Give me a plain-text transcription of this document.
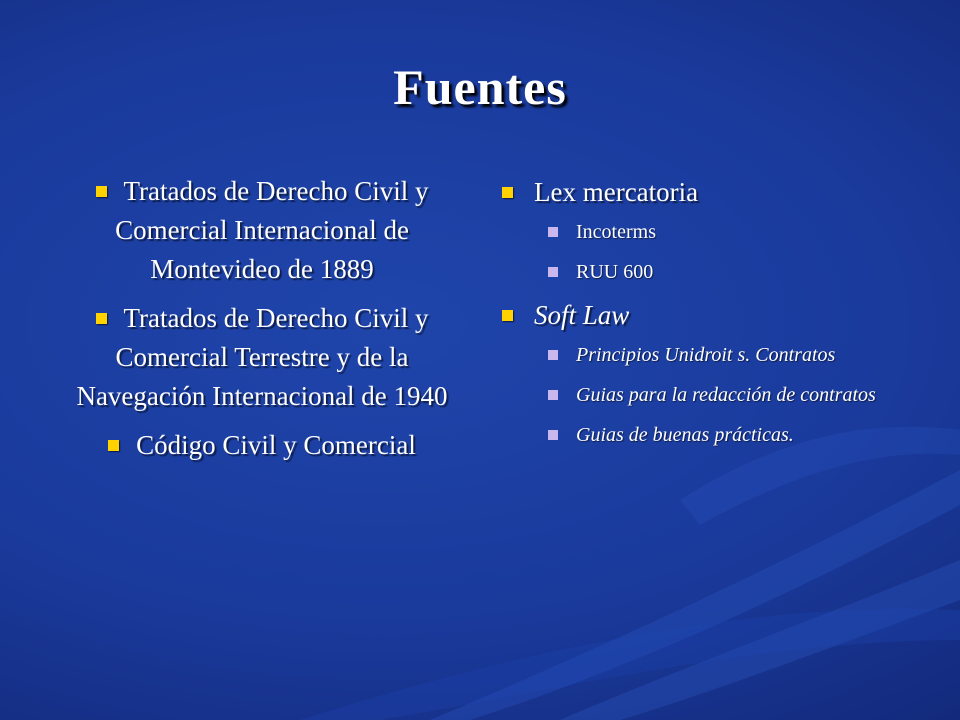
Fuentes
Tratados de Derecho Civil y Comercial Internacional de Montevideo de 1889
Tratados de Derecho Civil y Comercial Terrestre y de la Navegación Internacional de 1940
Código Civil y Comercial
Lex mercatoria
Incoterms
RUU 600
Soft Law
Principios Unidroit s. Contratos
Guias para la redacción de contratos
Guias de buenas prácticas.
